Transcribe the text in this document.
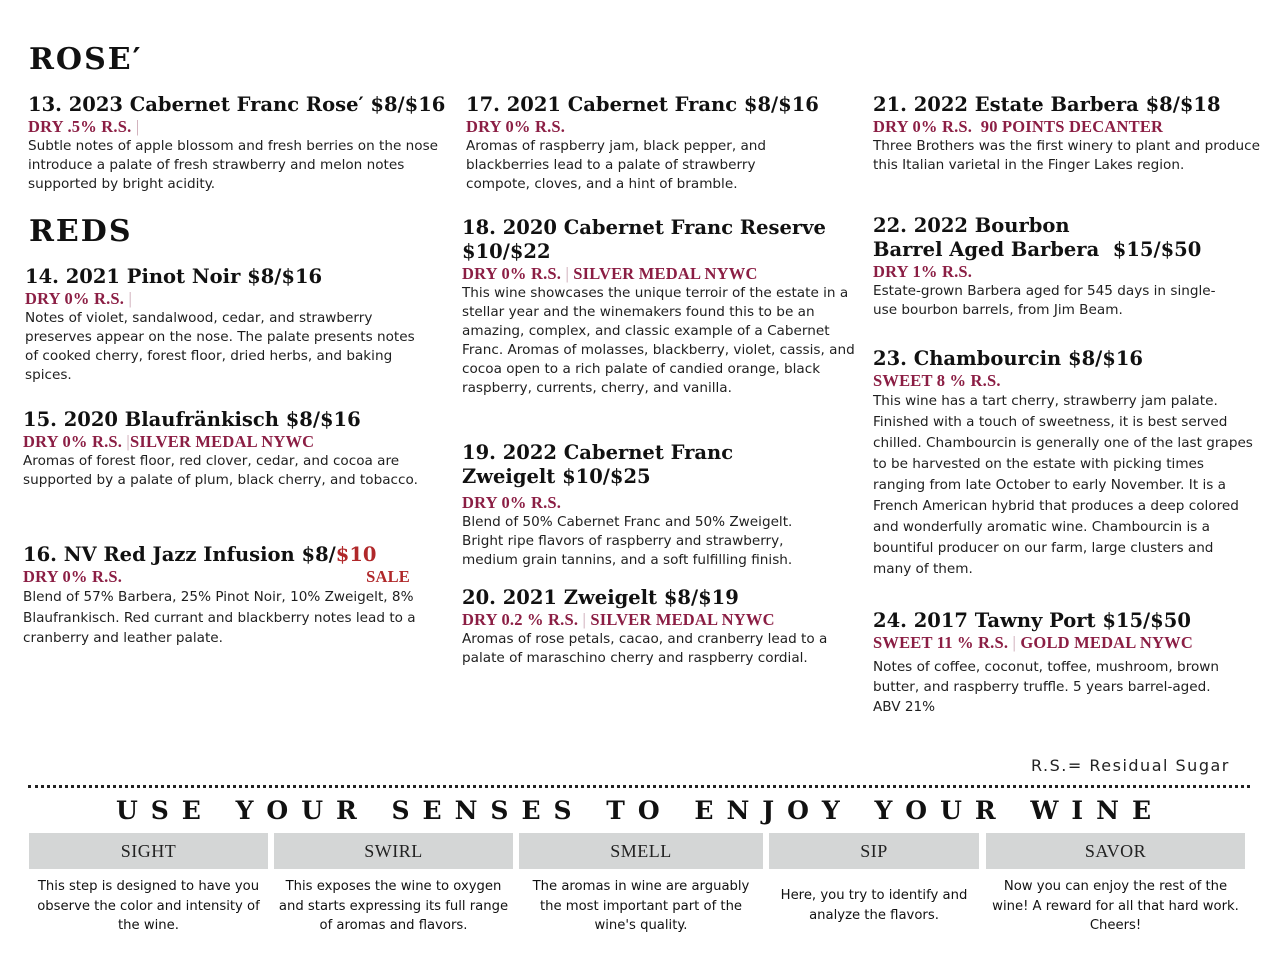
ROSE′
REDS
13. 2023 Cabernet Franc Rose′ $8/$16
DRY .5% R.S. |
Subtle notes of apple blossom and fresh berries on the nose introduce a palate of fresh strawberry and melon notes supported by bright acidity.
14. 2021 Pinot Noir $8/$16
DRY 0% R.S. |
Notes of violet, sandalwood, cedar, and strawberry preserves appear on the nose. The palate presents notes of cooked cherry, forest floor, dried herbs, and baking spices.
15. 2020 Blaufränkisch $8/$16
DRY 0% R.S. |SILVER MEDAL NYWC
Aromas of forest floor, red clover, cedar, and cocoa are supported by a palate of plum, black cherry, and tobacco.
16. NV Red Jazz Infusion $8/$10
DRY 0% R.S.	SALE
Blend of 57% Barbera, 25% Pinot Noir, 10% Zweigelt, 8% Blaufrankisch. Red currant and blackberry notes lead to a cranberry and leather palate.
17. 2021 Cabernet Franc $8/$16
DRY 0% R.S.
Aromas of raspberry jam, black pepper, and blackberries lead to a palate of strawberry compote, cloves, and a hint of bramble.
18. 2020 Cabernet Franc Reserve $10/$22
DRY 0% R.S. | SILVER MEDAL NYWC
This wine showcases the unique terroir of the estate in a stellar year and the winemakers found this to be an amazing, complex, and classic example of a Cabernet Franc. Aromas of molasses, blackberry, violet, cassis, and cocoa open to a rich palate of candied orange, black raspberry, currents, cherry, and vanilla.
19. 2022 Cabernet Franc Zweigelt $10/$25
DRY 0% R.S.
Blend of 50% Cabernet Franc and 50% Zweigelt. Bright ripe flavors of raspberry and strawberry, medium grain tannins, and a soft fulfilling finish.
20. 2021 Zweigelt $8/$19
DRY 0.2 % R.S. | SILVER MEDAL NYWC
Aromas of rose petals, cacao, and cranberry lead to a palate of maraschino cherry and raspberry cordial.
21. 2022 Estate Barbera $8/$18
DRY 0% R.S.  90 POINTS DECANTER
Three Brothers was the first winery to plant and produce this Italian varietal in the Finger Lakes region.
22. 2022 Bourbon
Barrel Aged Barbera  $15/$50
DRY 1% R.S.
Estate-grown Barbera aged for 545 days in single-use bourbon barrels, from Jim Beam.
23. Chambourcin $8/$16
SWEET 8 % R.S.
This wine has a tart cherry, strawberry jam palate. Finished with a touch of sweetness, it is best served chilled. Chambourcin is generally one of the last grapes to be harvested on the estate with picking times ranging from late October to early November. It is a French American hybrid that produces a deep colored and wonderfully aromatic wine. Chambourcin is a bountiful producer on our farm, large clusters and many of them.
24. 2017 Tawny Port $15/$50
SWEET 11 % R.S. | GOLD MEDAL NYWC
Notes of coffee, coconut, toffee, mushroom, brown butter, and raspberry truffle. 5 years barrel-aged. ABV 21%
R.S.= Residual Sugar
USE YOUR SENSES TO ENJOY YOUR WINE
SIGHT
This step is designed to have you observe the color and intensity of the wine.
SWIRL
This exposes the wine to oxygen and starts expressing its full range of aromas and flavors.
SMELL
The aromas in wine are arguably the most important part of the wine's quality.
SIP
Here, you try to identify and analyze the flavors.
SAVOR
Now you can enjoy the rest of the wine! A reward for all that hard work. Cheers!
